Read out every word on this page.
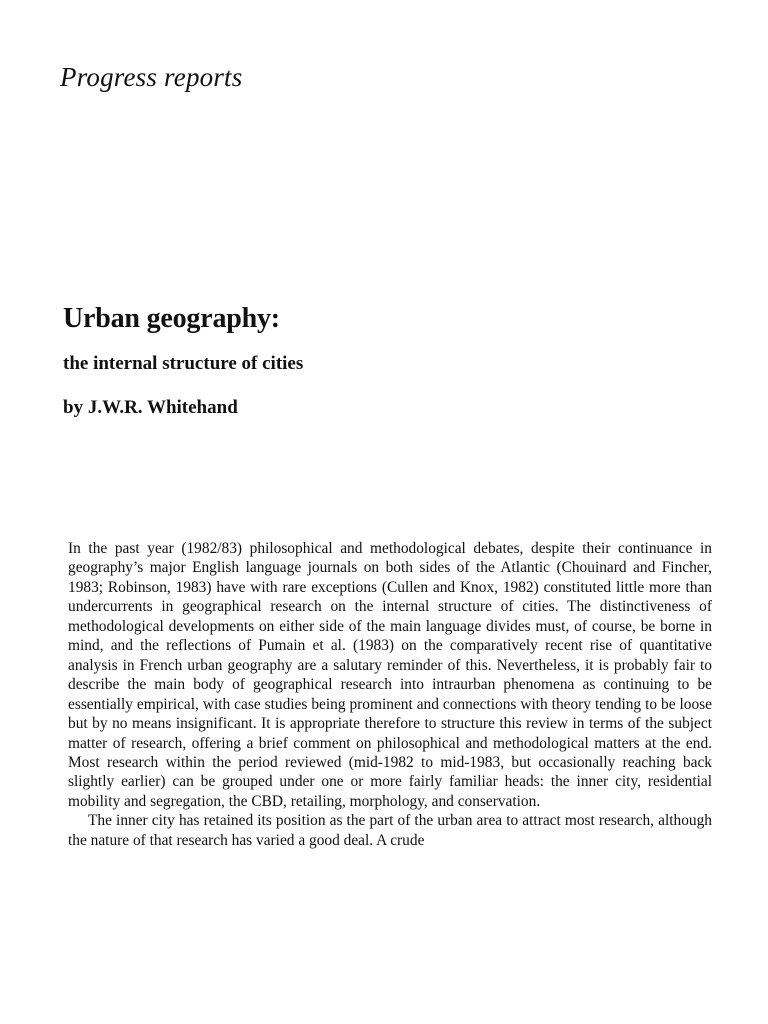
Progress reports
Urban geography:
the internal structure of cities
by J.W.R. Whitehand

In the past year (1982/83) philosophical and methodological debates, despite their continuance in geography’s major English language journals on both sides of the Atlantic (Chouinard and Fincher, 1983; Robinson, 1983) have with rare exceptions (Cullen and Knox, 1982) constituted little more than undercurrents in geographical research on the internal structure of cities. The distinctiveness of methodological developments on either side of the main language divides must, of course, be borne in mind, and the reflections of Pumain et al. (1983) on the comparatively recent rise of quantitative analysis in French urban geography are a salutary reminder of this. Nevertheless, it is probably fair to describe the main body of geographical research into intraurban phenomena as continuing to be essentially empirical, with case studies being prominent and connections with theory tending to be loose but by no means insignificant. It is appropriate therefore to structure this review in terms of the subject matter of research, offering a brief comment on philosophical and methodological matters at the end. Most research within the period reviewed (mid-1982 to mid-1983, but occasionally reaching back slightly earlier) can be grouped under one or more fairly familiar heads: the inner city, residential mobility and segregation, the CBD, retailing, morphology, and conservation.

The inner city has retained its position as the part of the urban area to attract most research, although the nature of that research has varied a good deal. A crude
